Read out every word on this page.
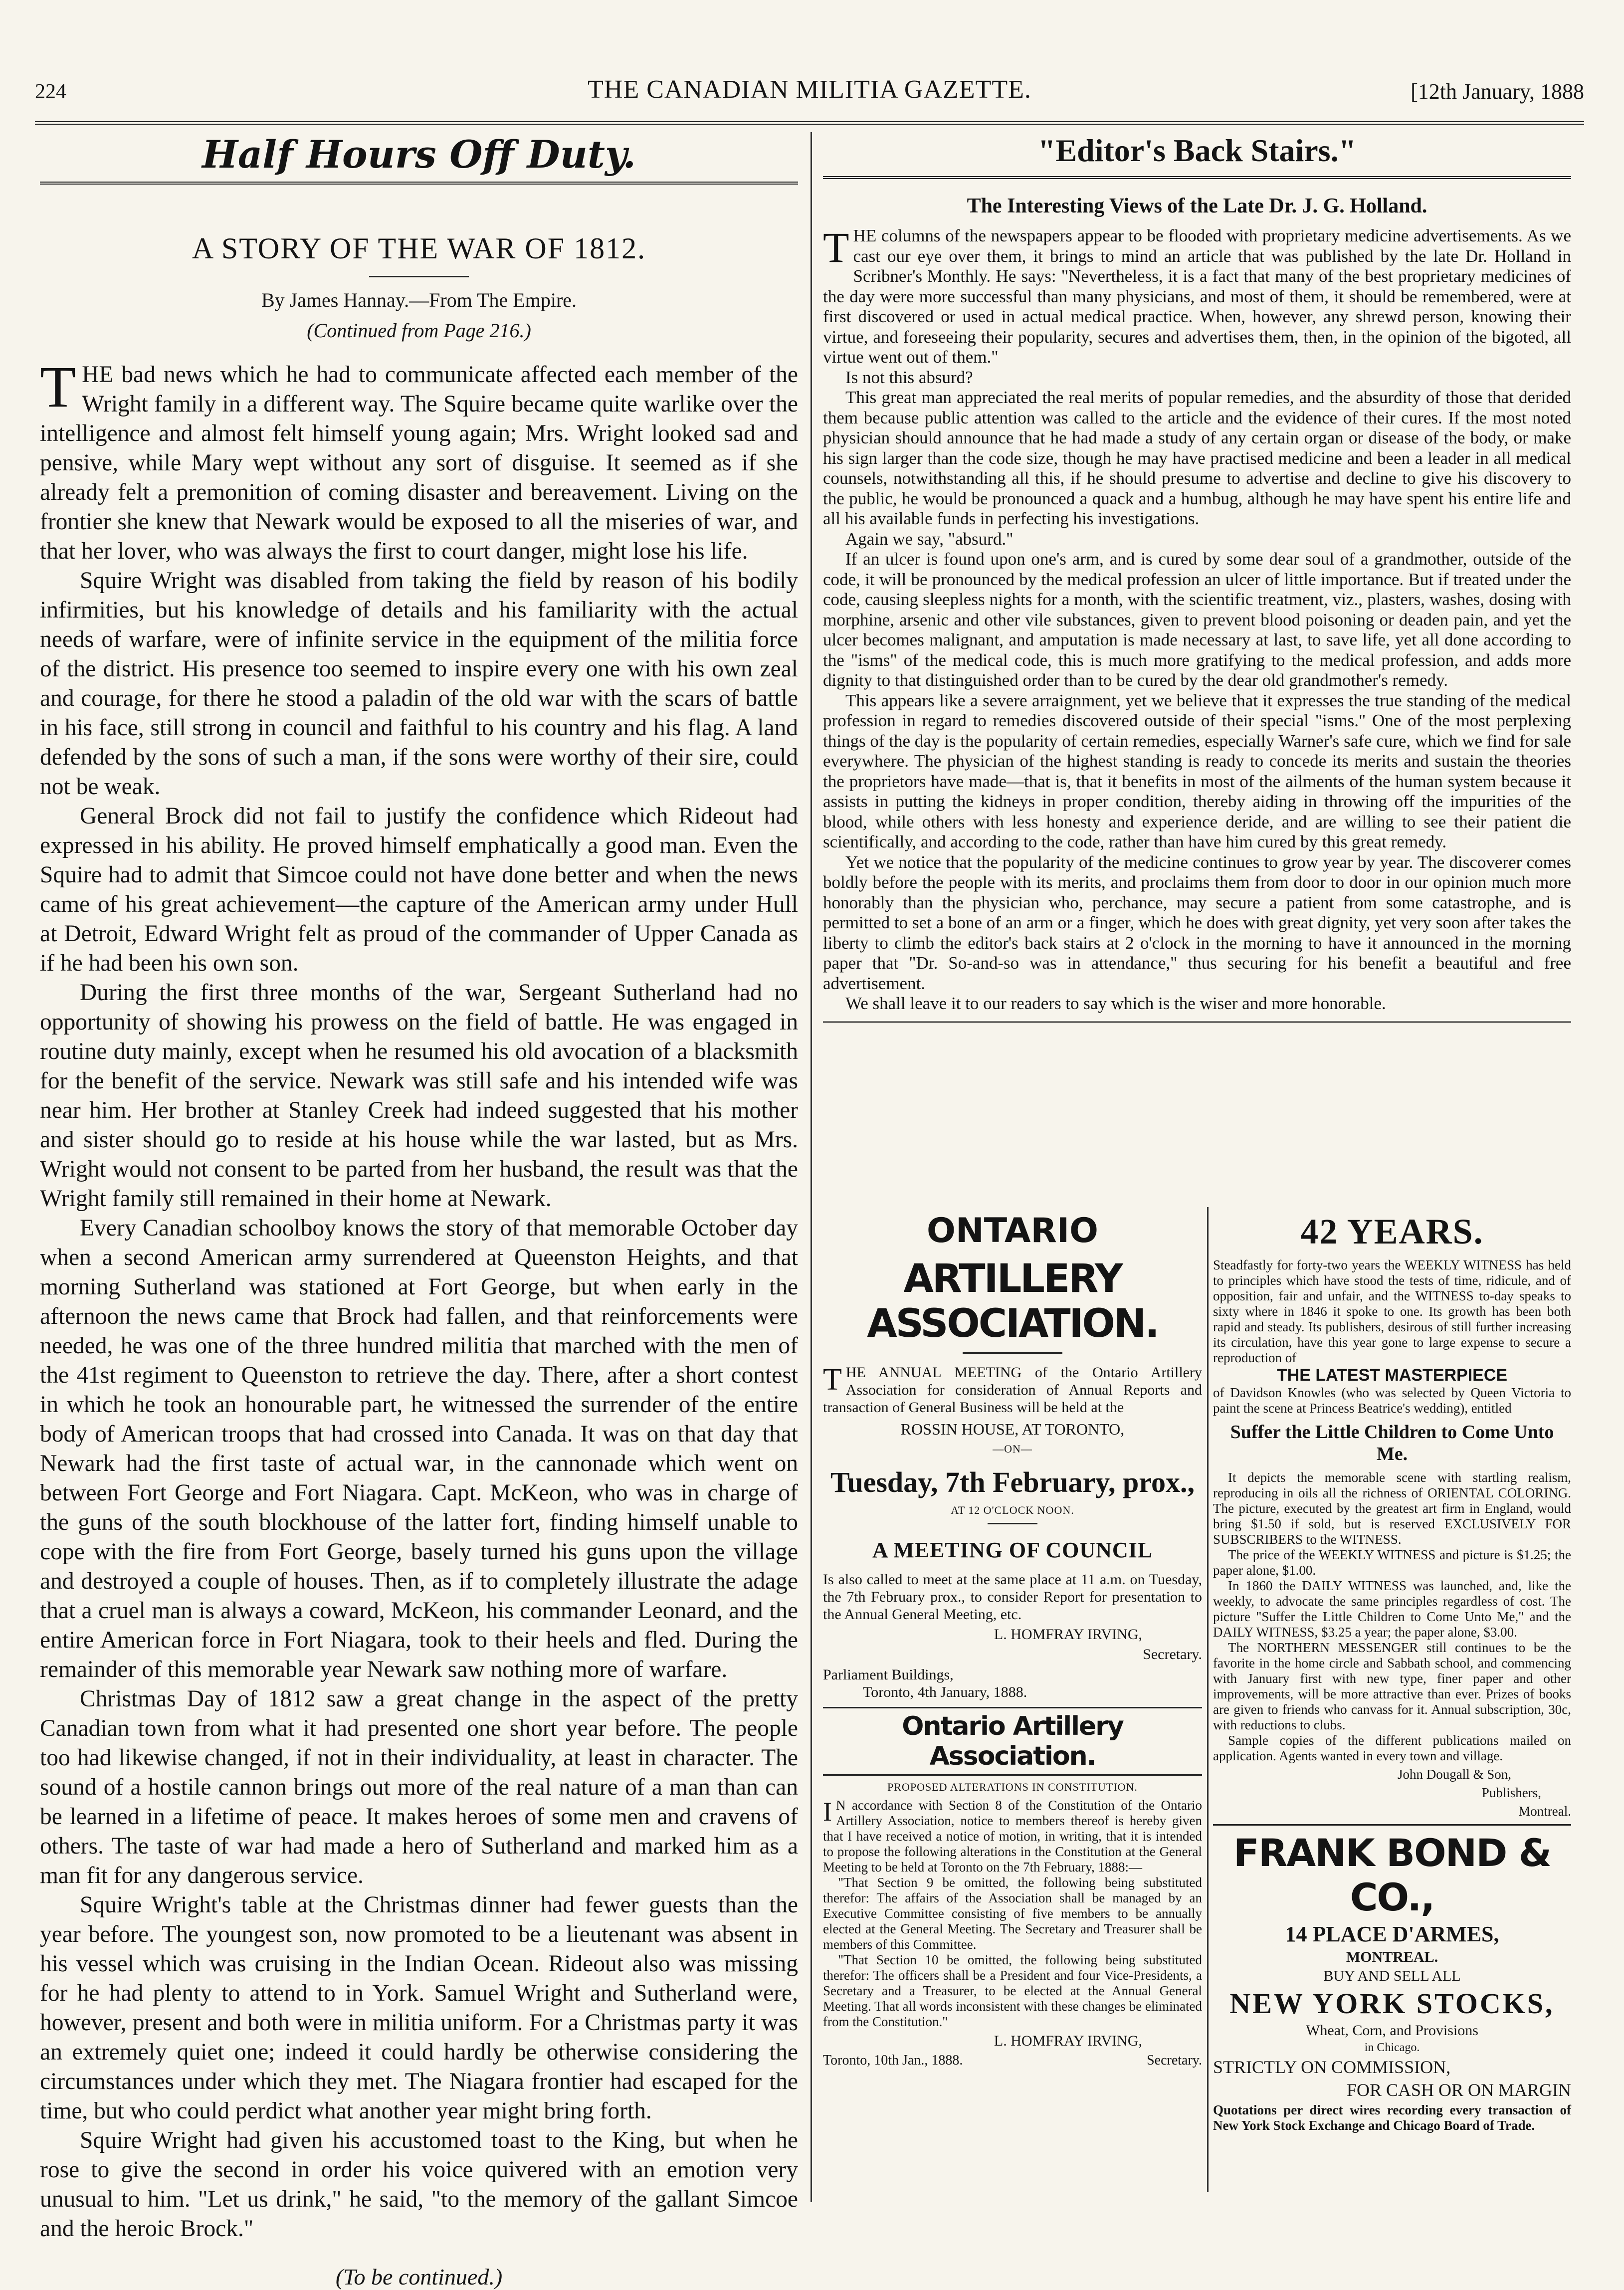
224	THE CANADIAN MILITIA GAZETTE.	[12th January, 1888
Half Hours Off Duty.
A STORY OF THE WAR OF 1812.
By James Hannay.—From The Empire.
(Continued from Page 216.)

THE bad news which he had to communicate affected each member of the Wright family in a different way. The Squire became quite warlike over the intelligence and almost felt himself young again; Mrs. Wright looked sad and pensive, while Mary wept without any sort of disguise. It seemed as if she already felt a premonition of coming disaster and bereavement. Living on the frontier she knew that Newark would be exposed to all the miseries of war, and that her lover, who was always the first to court danger, might lose his life.

Squire Wright was disabled from taking the field by reason of his bodily infirmities, but his knowledge of details and his familiarity with the actual needs of warfare, were of infinite service in the equipment of the militia force of the district. His presence too seemed to inspire every one with his own zeal and courage, for there he stood a paladin of the old war with the scars of battle in his face, still strong in council and faithful to his country and his flag. A land defended by the sons of such a man, if the sons were worthy of their sire, could not be weak.

General Brock did not fail to justify the confidence which Rideout had expressed in his ability. He proved himself emphatically a good man. Even the Squire had to admit that Simcoe could not have done better and when the news came of his great achievement—the capture of the American army under Hull at Detroit, Edward Wright felt as proud of the commander of Upper Canada as if he had been his own son.

During the first three months of the war, Sergeant Sutherland had no opportunity of showing his prowess on the field of battle. He was engaged in routine duty mainly, except when he resumed his old avocation of a blacksmith for the benefit of the service. Newark was still safe and his intended wife was near him. Her brother at Stanley Creek had indeed suggested that his mother and sister should go to reside at his house while the war lasted, but as Mrs. Wright would not consent to be parted from her husband, the result was that the Wright family still remained in their home at Newark.

Every Canadian schoolboy knows the story of that memorable October day when a second American army surrendered at Queenston Heights, and that morning Sutherland was stationed at Fort George, but when early in the afternoon the news came that Brock had fallen, and that reinforcements were needed, he was one of the three hundred militia that marched with the men of the 41st regiment to Queenston to retrieve the day. There, after a short contest in which he took an honourable part, he witnessed the surrender of the entire body of American troops that had crossed into Canada. It was on that day that Newark had the first taste of actual war, in the cannonade which went on between Fort George and Fort Niagara. Capt. McKeon, who was in charge of the guns of the south blockhouse of the latter fort, finding himself unable to cope with the fire from Fort George, basely turned his guns upon the village and destroyed a couple of houses. Then, as if to completely illustrate the adage that a cruel man is always a coward, McKeon, his commander Leonard, and the entire American force in Fort Niagara, took to their heels and fled. During the remainder of this memorable year Newark saw nothing more of warfare.

Christmas Day of 1812 saw a great change in the aspect of the pretty Canadian town from what it had presented one short year before. The people too had likewise changed, if not in their individuality, at least in character. The sound of a hostile cannon brings out more of the real nature of a man than can be learned in a lifetime of peace. It makes heroes of some men and cravens of others. The taste of war had made a hero of Sutherland and marked him as a man fit for any dangerous service.

Squire Wright's table at the Christmas dinner had fewer guests than the year before. The youngest son, now promoted to be a lieutenant was absent in his vessel which was cruising in the Indian Ocean. Rideout also was missing for he had plenty to attend to in York. Samuel Wright and Sutherland were, however, present and both were in militia uniform. For a Christmas party it was an extremely quiet one; indeed it could hardly be otherwise considering the circumstances under which they met. The Niagara frontier had escaped for the time, but who could perdict what another year might bring forth.

Squire Wright had given his accustomed toast to the King, but when he rose to give the second in order his voice quivered with an emotion very unusual to him. "Let us drink," he said, "to the memory of the gallant Simcoe and the heroic Brock."

(To be continued.)
"Editor's Back Stairs."
The Interesting Views of the Late Dr. J. G. Holland.

THE columns of the newspapers appear to be flooded with proprietary medicine advertisements. As we cast our eye over them, it brings to mind an article that was published by the late Dr. Holland in Scribner's Monthly. He says: "Nevertheless, it is a fact that many of the best proprietary medicines of the day were more successful than many physicians, and most of them, it should be remembered, were at first discovered or used in actual medical practice. When, however, any shrewd person, knowing their virtue, and foreseeing their popularity, secures and advertises them, then, in the opinion of the bigoted, all virtue went out of them."

Is not this absurd?

This great man appreciated the real merits of popular remedies, and the absurdity of those that derided them because public attention was called to the article and the evidence of their cures. If the most noted physician should announce that he had made a study of any certain organ or disease of the body, or make his sign larger than the code size, though he may have practised medicine and been a leader in all medical counsels, notwithstanding all this, if he should presume to advertise and decline to give his discovery to the public, he would be pronounced a quack and a humbug, although he may have spent his entire life and all his available funds in perfecting his investigations.

Again we say, "absurd."

If an ulcer is found upon one's arm, and is cured by some dear soul of a grandmother, outside of the code, it will be pronounced by the medical profession an ulcer of little importance. But if treated under the code, causing sleepless nights for a month, with the scientific treatment, viz., plasters, washes, dosing with morphine, arsenic and other vile substances, given to prevent blood poisoning or deaden pain, and yet the ulcer becomes malignant, and amputation is made necessary at last, to save life, yet all done according to the "isms" of the medical code, this is much more gratifying to the medical profession, and adds more dignity to that distinguished order than to be cured by the dear old grandmother's remedy.

This appears like a severe arraignment, yet we believe that it expresses the true standing of the medical profession in regard to remedies discovered outside of their special "isms." One of the most perplexing things of the day is the popularity of certain remedies, especially Warner's safe cure, which we find for sale everywhere. The physician of the highest standing is ready to concede its merits and sustain the theories the proprietors have made—that is, that it benefits in most of the ailments of the human system because it assists in putting the kidneys in proper condition, thereby aiding in throwing off the impurities of the blood, while others with less honesty and experience deride, and are willing to see their patient die scientifically, and according to the code, rather than have him cured by this great remedy.

Yet we notice that the popularity of the medicine continues to grow year by year. The discoverer comes boldly before the people with its merits, and proclaims them from door to door in our opinion much more honorably than the physician who, perchance, may secure a patient from some catastrophe, and is permitted to set a bone of an arm or a finger, which he does with great dignity, yet very soon after takes the liberty to climb the editor's back stairs at 2 o'clock in the morning to have it announced in the morning paper that "Dr. So-and-so was in attendance," thus securing for his benefit a beautiful and free advertisement.

We shall leave it to our readers to say which is the wiser and more honorable.

ONTARIO
ARTILLERY ASSOCIATION.

THE ANNUAL MEETING of the Ontario Artillery Association for consideration of Annual Reports and transaction of General Business will be held at the

ROSSIN HOUSE, AT TORONTO,
—ON—
Tuesday, 7th February, prox.,
AT 12 O'CLOCK NOON.
A MEETING OF COUNCIL

Is also called to meet at the same place at 11 a.m. on Tuesday, the 7th February prox., to consider Report for presentation to the Annual General Meeting, etc.

L. HOMFRAY IRVING,
Secretary.
Parliament Buildings,
Toronto, 4th January, 1888.
Ontario Artillery Association.
PROPOSED ALTERATIONS IN CONSTITUTION.

I N accordance with Section 8 of the Constitution of the Ontario Artillery Association, notice to members thereof is hereby given that I have received a notice of motion, in writing, that it is intended to propose the following alterations in the Constitution at the General Meeting to be held at Toronto on the 7th February, 1888:—

"That Section 9 be omitted, the following being substituted therefor: The affairs of the Association shall be managed by an Executive Committee consisting of five members to be annually elected at the General Meeting. The Secretary and Treasurer shall be members of this Committee.

"That Section 10 be omitted, the following being substituted therefor: The officers shall be a President and four Vice-Presidents, a Secretary and a Treasurer, to be elected at the Annual General Meeting. That all words inconsistent with these changes be eliminated from the Constitution."

L. HOMFRAY IRVING,
Toronto, 10th Jan., 1888.	Secretary.
42 YEARS.

Steadfastly for forty-two years the WEEKLY WITNESS has held to principles which have stood the tests of time, ridicule, and of opposition, fair and unfair, and the WITNESS to-day speaks to sixty where in 1846 it spoke to one. Its growth has been both rapid and steady. Its publishers, desirous of still further increasing its circulation, have this year gone to large expense to secure a reproduction of

THE LATEST MASTERPIECE

of Davidson Knowles (who was selected by Queen Victoria to paint the scene at Princess Beatrice's wedding), entitled

Suffer the Little Children to Come Unto Me.

It depicts the memorable scene with startling realism, reproducing in oils all the richness of ORIENTAL COLORING. The picture, executed by the greatest art firm in England, would bring $1.50 if sold, but is reserved EXCLUSIVELY FOR SUBSCRIBERS to the WITNESS.

The price of the WEEKLY WITNESS and picture is $1.25; the paper alone, $1.00.

In 1860 the DAILY WITNESS was launched, and, like the weekly, to advocate the same principles regardless of cost. The picture "Suffer the Little Children to Come Unto Me," and the DAILY WITNESS, $3.25 a year; the paper alone, $3.00.

The NORTHERN MESSENGER still continues to be the favorite in the home circle and Sabbath school, and commencing with January first with new type, finer paper and other improvements, will be more attractive than ever. Prizes of books are given to friends who canvass for it. Annual subscription, 30c, with reductions to clubs.

Sample copies of the different publications mailed on application. Agents wanted in every town and village.

John Dougall & Son,
Publishers,
Montreal.
FRANK BOND & CO.,
14 PLACE D'ARMES,
MONTREAL.
BUY AND SELL ALL
NEW YORK STOCKS,
Wheat, Corn, and Provisions
in Chicago.
STRICTLY ON COMMISSION,
FOR CASH OR ON MARGIN

Quotations per direct wires recording every transaction of New York Stock Exchange and Chicago Board of Trade.
